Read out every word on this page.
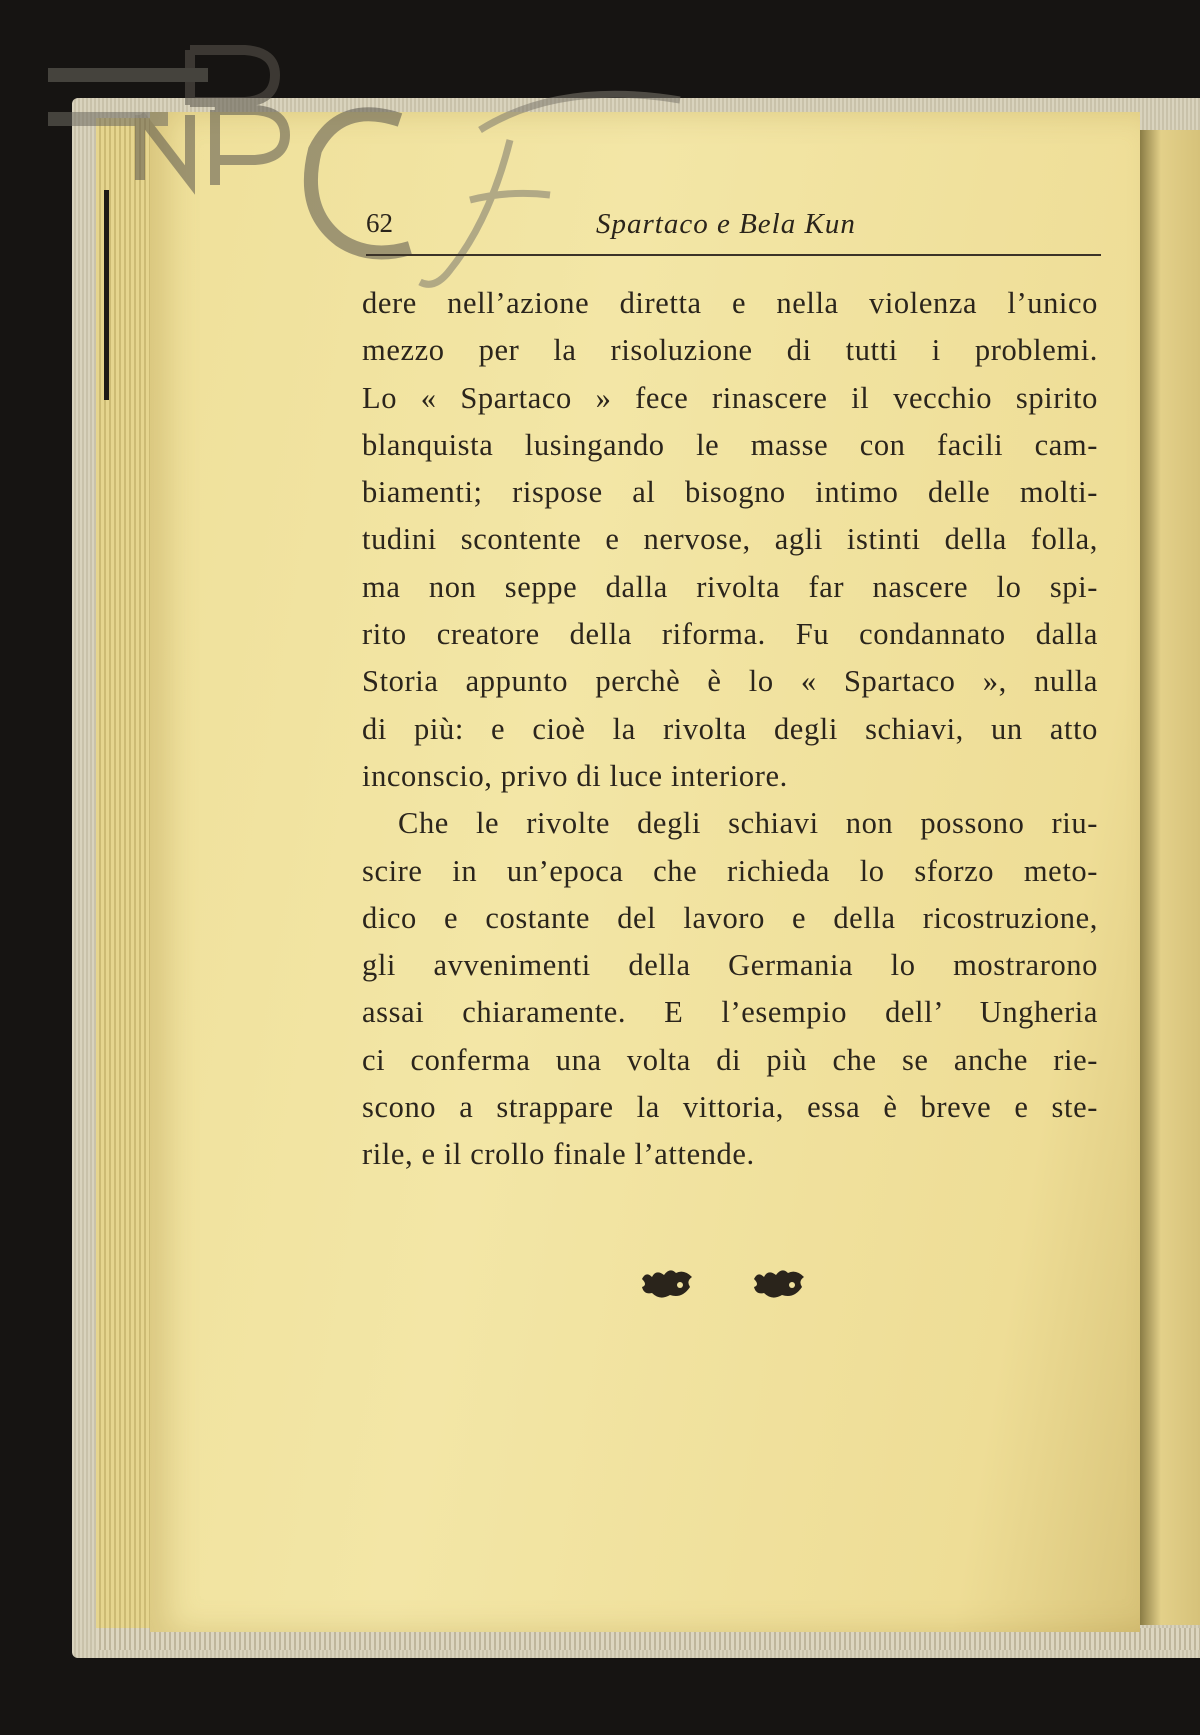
62	Spartaco e Bela Kun
dere nell’azione diretta e nella violenza l’unico
mezzo per la risoluzione di tutti i problemi.
Lo « Spartaco » fece rinascere il vecchio spirito
blanquista lusingando le masse con facili cam-
biamenti; rispose al bisogno intimo delle molti-
tudini scontente e nervose, agli istinti della folla,
ma non seppe dalla rivolta far nascere lo spi-
rito creatore della riforma. Fu condannato dalla
Storia appunto perchè è lo « Spartaco », nulla
di più: e cioè la rivolta degli schiavi, un atto
inconscio, privo di luce interiore.
Che le rivolte degli schiavi non possono riu-
scire in un’epoca che richieda lo sforzo meto-
dico e costante del lavoro e della ricostruzione,
gli avvenimenti della Germania lo mostrarono
assai chiaramente. E l’esempio dell’ Ungheria
ci conferma una volta di più che se anche rie-
scono a strappare la vittoria, essa è breve e ste-
rile, e il crollo finale l’attende.
